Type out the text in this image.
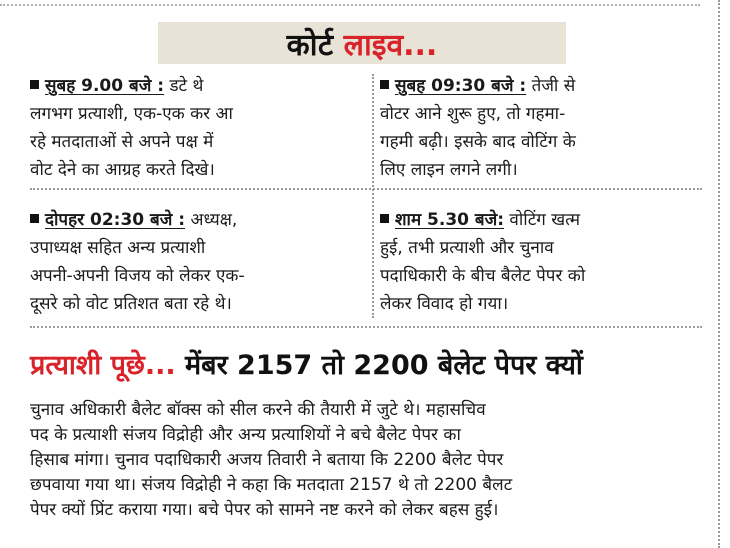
कोर्ट लाइव...
सुबह 9.00 बजे : डटे थे
लगभग प्रत्याशी, एक-एक कर आ
रहे मतदाताओं से अपने पक्ष में
वोट देने का आग्रह करते दिखे।
सुबह 09:30 बजे : तेजी से
वोटर आने शुरू हुए, तो गहमा-
गहमी बढ़ी। इसके बाद वोटिंग के
लिए लाइन लगने लगी।
दोपहर 02:30 बजे : अध्यक्ष,
उपाध्यक्ष सहित अन्य प्रत्याशी
अपनी-अपनी विजय को लेकर एक-
दूसरे को वोट प्रतिशत बता रहे थे।
शाम 5.30 बजे: वोटिंग खत्म
हुई, तभी प्रत्याशी और चुनाव
पदाधिकारी के बीच बैलेट पेपर को
लेकर विवाद हो गया।
प्रत्याशी पूछे... मेंबर 2157 तो 2200 बेलेट पेपर क्यों
चुनाव अधिकारी बैलेट बॉक्स को सील करने की तैयारी में जुटे थे। महासचिव
पद के प्रत्याशी संजय विद्रोही और अन्य प्रत्याशियों ने बचे बैलेट पेपर का
हिसाब मांगा। चुनाव पदाधिकारी अजय तिवारी ने बताया कि 2200 बैलेट पेपर
छपवाया गया था। संजय विद्रोही ने कहा कि मतदाता 2157 थे तो 2200 बैलट
पेपर क्यों प्रिंट कराया गया। बचे पेपर को सामने नष्ट करने को लेकर बहस हुई।
